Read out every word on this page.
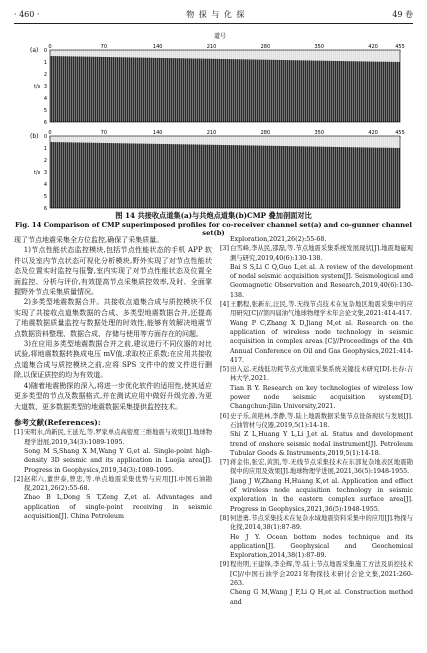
· 460 ·	物 探 与 化 探	49 卷
道号
(a) 0	70	140	210	280	350	420	455
0
1
2
3
4
5
6
t/s
(b) 0	70	140	210	280	350	420	455
0
1
2
3
4
5
6
t/s
图 14 共接收点道集(a)与共炮点道集(b)CMP 叠加剖面对比
Fig. 14 Comparison of CMP superimposed profiles for co-receiver channel set(a) and co-gunner channel set(b)

现了节点地震采集全方位监控,确保了采集质量。

1)节点性能状态监控模块,包括节点性能状态的手机 APP 软件以及室内节点状态可视化分析模块,野外实现了对节点性能状态及位置实时监控与报警,室内实现了对节点性能状态及位置全面监控、分析与评价,有效提高节点采集质控效率,及时、全面掌握野外节点采集质量情况。

2)多类型地震数据合并。共接收点道集合成与质控模块不仅实现了共接收点道集数据的合成、多类型地震数据合并,还提高了地震数据质量监控与数据处理的时效性,能够有效解决地震节点数据资料整理、数据合成、存储与使用等方面存在的问题。

3)在应用多类型地震数据合并之前,建议进行不同仪器的对比试验,将地震数据转换成电压 mV值,求取校正系数;在应用共接收点道集合成与质控模块之前,应将 SPS 文件中的废文件进行删除,以保证质控的均为有效道。

4)随着地震勘探的深入,将进一步优化软件的适用性,使其适应更多类型的节点及数据格式,并在测试应用中做好升级完善,为更大道数、更多数据类型的地震数据采集提供监控技术。

参考文献(References):
[1] 宋明水,尚新民,王延光,等.罗家单点高密度三维地震与效果[J].地球物理学进展,2019,34(3):1089-1095.
Song M S,Shang X M,Wang Y G,et al. Single-point high-density 3D seismic and its application in Luojia area[J]. Progress in Geophysics,2019,34(3):1089-1095.
[2] 赵邦六,董世泰,曾忠,等.单点地震采集优势与应用[J].中国石油勘探,2021,26(2):55-68.
Zhao B L,Dong S T,Zeng Z,et al. Advantages and application of single-point receiving in seismic acquisition[J]. China Petroleum
Exploration,2021,26(2):55-68.
[3] 白雪峰,李从民,邵磊,等.节点地震采集系统发展现状[J].地震地磁观测与研究,2019,40(6):130-138.
Bai S S,Li C Q,Guo L,et al. A review of the development of nodal seismic acquisition system[J]. Seismological and Geomagnetic Observation and Research,2019,40(6):130-138.
[4] 王鹏程,张新东,汪民,等.无线节点技术在复杂地区地震采集中的应用研究[C]//第四届油气地球物理学术年会论文集,2021:414-417.
Wang P C,Zhang X D,Jiang M,et al. Research on the application of wireless node technology in seismic acquisition in complex areas [C]//Proceedings of the 4th Annual Conference on Oil and Gas Geophysics,2021:414-417.
[5] 田入运.无线低功耗节点式地震采集系统关键技术研究[D].长春:吉林大学,2021.
Tian R Y. Research on key technologies of wireless low power node seismic acquisition system[D]. Changchun:Jilin University,2021.
[6] 史子乐,黄艳林,李静,等.陆上地震数据采集节点设备现状与发展[J].石油管材与仪器,2019,5(1):14-18.
Shi Z L,Huang Y L,Li J,et al. Status and development trend of onshore seismic nodal instrument[J]. Petroleum Tubular Goods & Instruments,2019,5(1):14-18.
[7] 蒋金伟,张宏,黄凯,等.无线节点采集技术在东部复杂地表区地震勘探中的应用及效果[J].地球物理学进展,2021,36(5):1948-1955.
Jiang J W,Zhang H,Huang K,et al. Application and effect of wireless node acquisition technology in seismic exploration in the eastern complex surface area[J]. Progress in Geophysics,2021,36(5):1948-1955.
[8] 何进勇.节点采集技术在复杂水域地震资料采集中的应用[J].物探与化探,2014,38(1):87-89.
He J Y. Ocean bottom nodes technique and its application[J]. Geophysical and Geochemical Exploration,2014,38(1):87-89.
[9] 程贵明,王建锋,李全辉,等.陆上节点地震采集施工方法及质控技术[C]//中国石油学会2021年物探技术研讨会论文集,2021:260-263.
Cheng G M,Wang J F,Li Q H,et al. Construction method and
